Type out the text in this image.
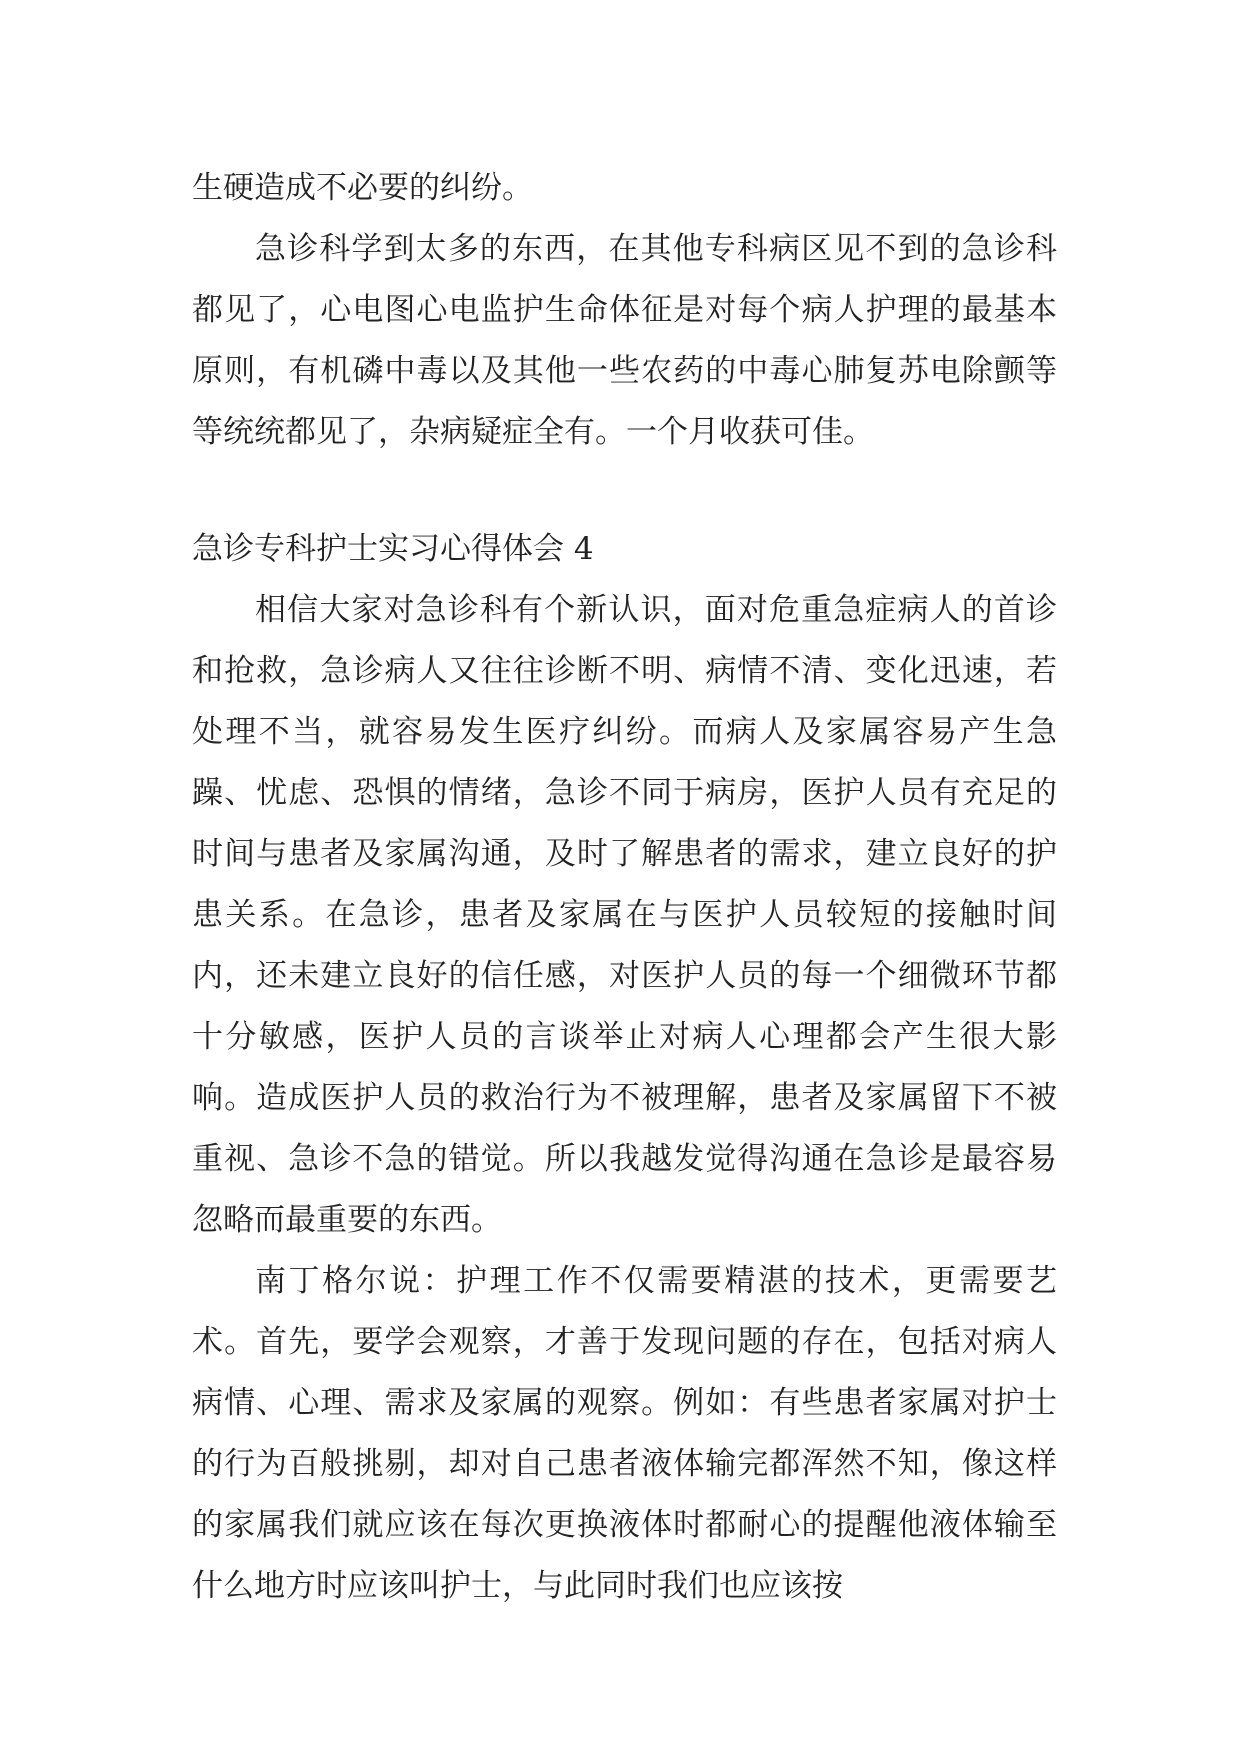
生硬造成不必要的纠纷。

急诊科学到太多的东西，在其他专科病区见不到的急诊科都见了，心电图心电监护生命体征是对每个病人护理的最基本原则，有机磷中毒以及其他一些农药的中毒心肺复苏电除颤等等统统都见了，杂病疑症全有。一个月收获可佳。

急诊专科护士实习心得体会 4

相信大家对急诊科有个新认识，面对危重急症病人的首诊和抢救，急诊病人又往往诊断不明、病情不清、变化迅速，若处理不当，就容易发生医疗纠纷。而病人及家属容易产生急躁、忧虑、恐惧的情绪，急诊不同于病房，医护人员有充足的时间与患者及家属沟通，及时了解患者的需求，建立良好的护患关系。在急诊，患者及家属在与医护人员较短的接触时间内，还未建立良好的信任感，对医护人员的每一个细微环节都十分敏感，医护人员的言谈举止对病人心理都会产生很大影响。造成医护人员的救治行为不被理解，患者及家属留下不被重视、急诊不急的错觉。所以我越发觉得沟通在急诊是最容易忽略而最重要的东西。

南丁格尔说：护理工作不仅需要精湛的技术，更需要艺术。首先，要学会观察，才善于发现问题的存在，包括对病人病情、心理、需求及家属的观察。例如：有些患者家属对护士的行为百般挑剔，却对自己患者液体输完都浑然不知，像这样的家属我们就应该在每次更换液体时都耐心的提醒他液体输至什么地方时应该叫护士，与此同时我们也应该按
